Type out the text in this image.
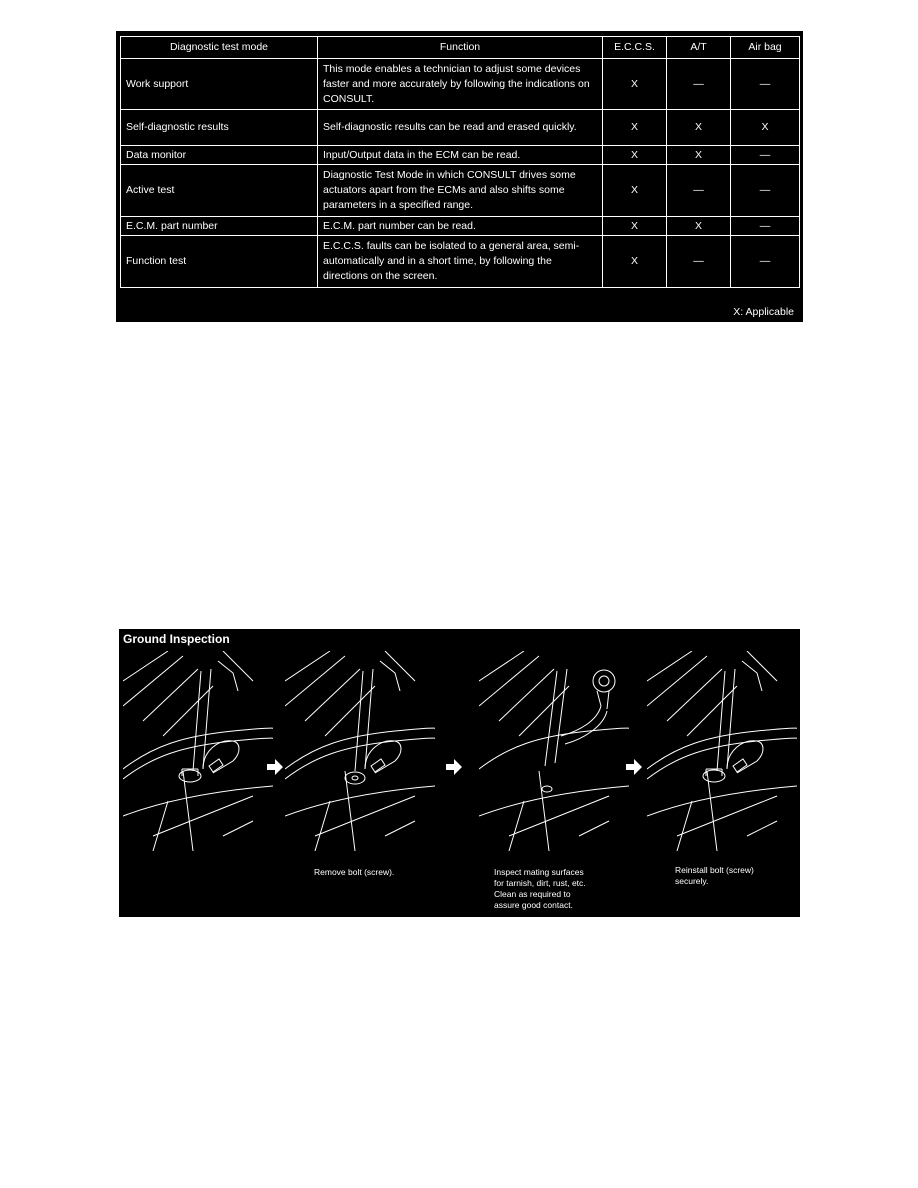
Diagnostic test mode	Function	E.C.C.S.	A/T	Air bag
Work support	This mode enables a technician to adjust some devices faster and more accurately by following the indications on CONSULT.	X	—	—
Self-diagnostic results	Self-diagnostic results can be read and erased quickly.	X	X	X
Data monitor	Input/Output data in the ECM can be read.	X	X	—
Active test	Diagnostic Test Mode in which CONSULT drives some actuators apart from the ECMs and also shifts some parameters in a specified range.	X	—	—
E.C.M. part number	E.C.M. part number can be read.	X	X	—
Function test	E.C.C.S. faults can be isolated to a general area, semi- automatically and in a short time, by following the directions on the screen.	X	—	—
X: Applicable
Ground Inspection
Remove bolt (screw).	Inspect mating surfaces
for tarnish, dirt, rust, etc.
Clean as required to
assure good contact.
Reinstall bolt (screw)
securely.
